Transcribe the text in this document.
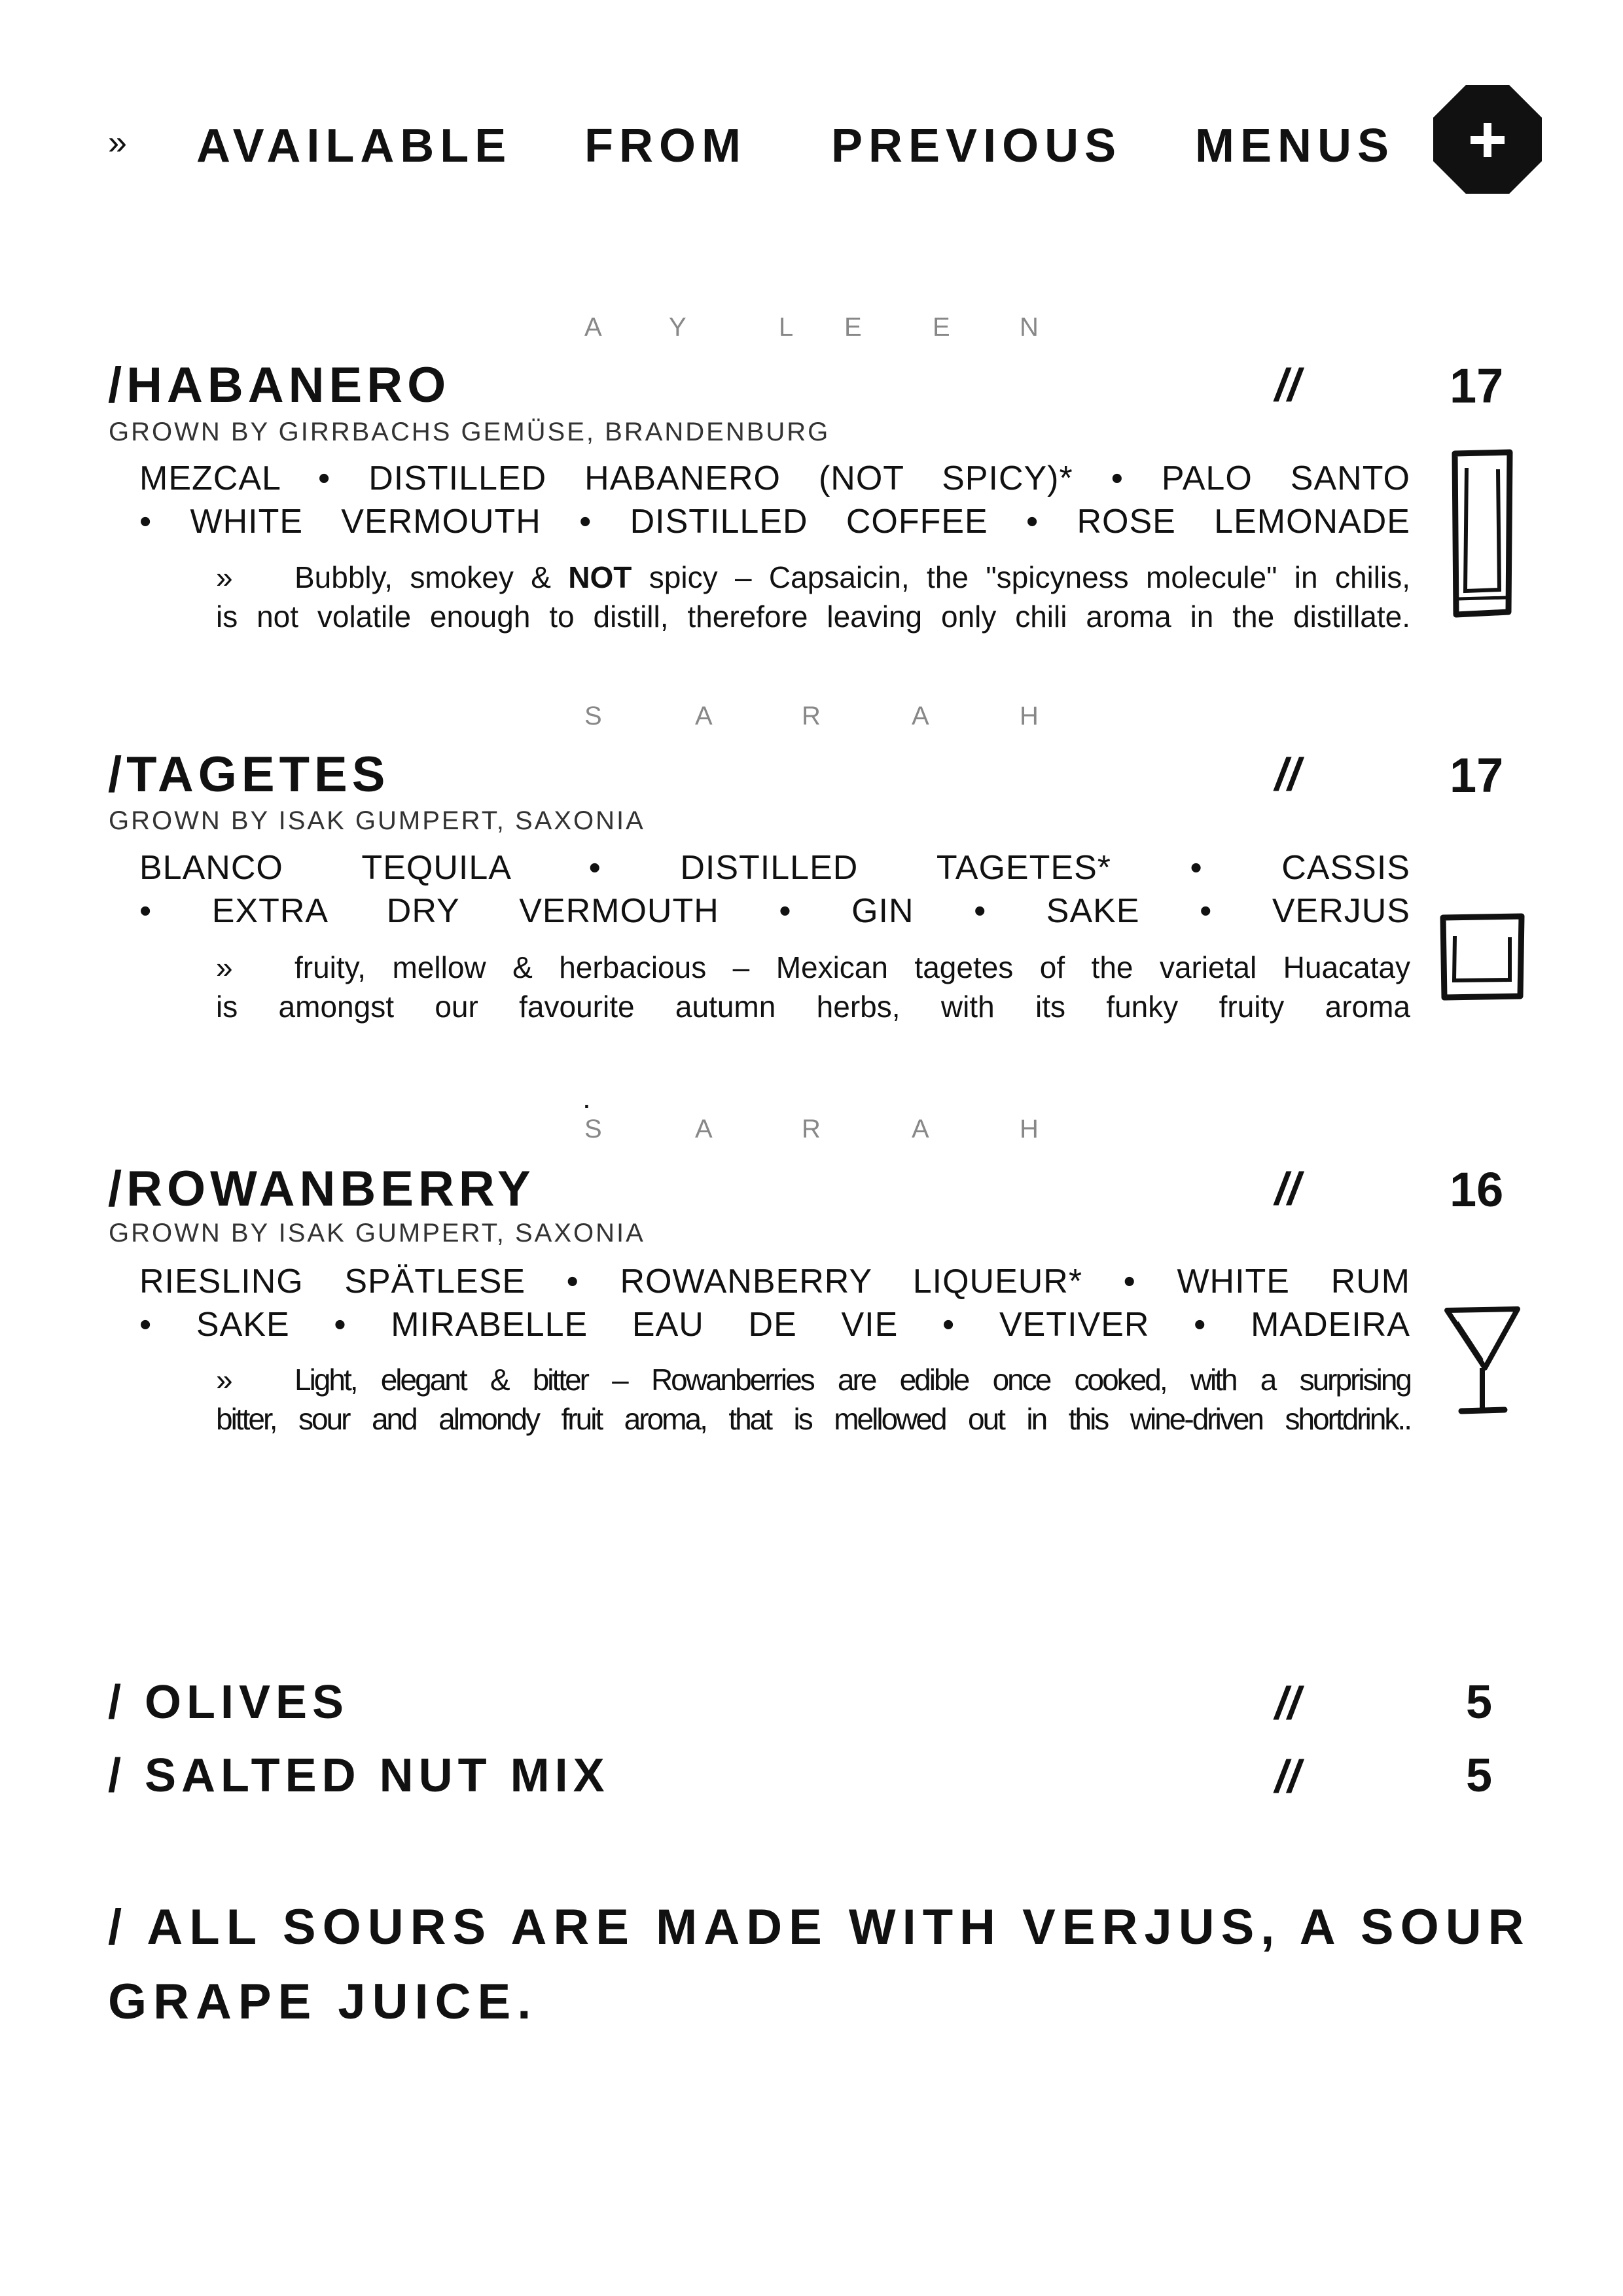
» AVAILABLE FROM PREVIOUS MENUS
A	Y	L E	E	N
/HABANERO	//	17
GROWN BY GIRRBACHS GEMÜSE, BRANDENBURG
MEZCAL • DISTILLED HABANERO (NOT SPICY)* • PALO SANTO
• WHITE VERMOUTH • DISTILLED COFFEE • ROSE LEMONADE
» Bubbly, smokey & NOT spicy – Capsaicin, the "spicyness molecule" in chilis,
is not volatile enough to distill, therefore leaving only chili aroma in the distillate.
S	A	R	A	H
/TAGETES	//	17
GROWN BY ISAK GUMPERT, SAXONIA
BLANCO TEQUILA • DISTILLED TAGETES* • CASSIS
• EXTRA DRY VERMOUTH • GIN • SAKE • VERJUS
» fruity, mellow & herbacious – Mexican tagetes of the varietal Huacatay
is amongst our favourite autumn herbs, with its funky fruity aroma
.
S	A	R	A	H
/ROWANBERRY	//	16
GROWN BY ISAK GUMPERT, SAXONIA
RIESLING SPÄTLESE • ROWANBERRY LIQUEUR* • WHITE RUM
• SAKE • MIRABELLE EAU DE VIE • VETIVER • MADEIRA
» Light, elegant & bitter – Rowanberries are edible once cooked, with a surprising
bitter, sour and almondy fruit aroma, that is mellowed out in this wine-driven shortdrink..
/ OLIVES	//	5
/ SALTED NUT MIX	//	5
/ ALL SOURS ARE MADE WITH VERJUS, A SOUR
GRAPE JUICE.
